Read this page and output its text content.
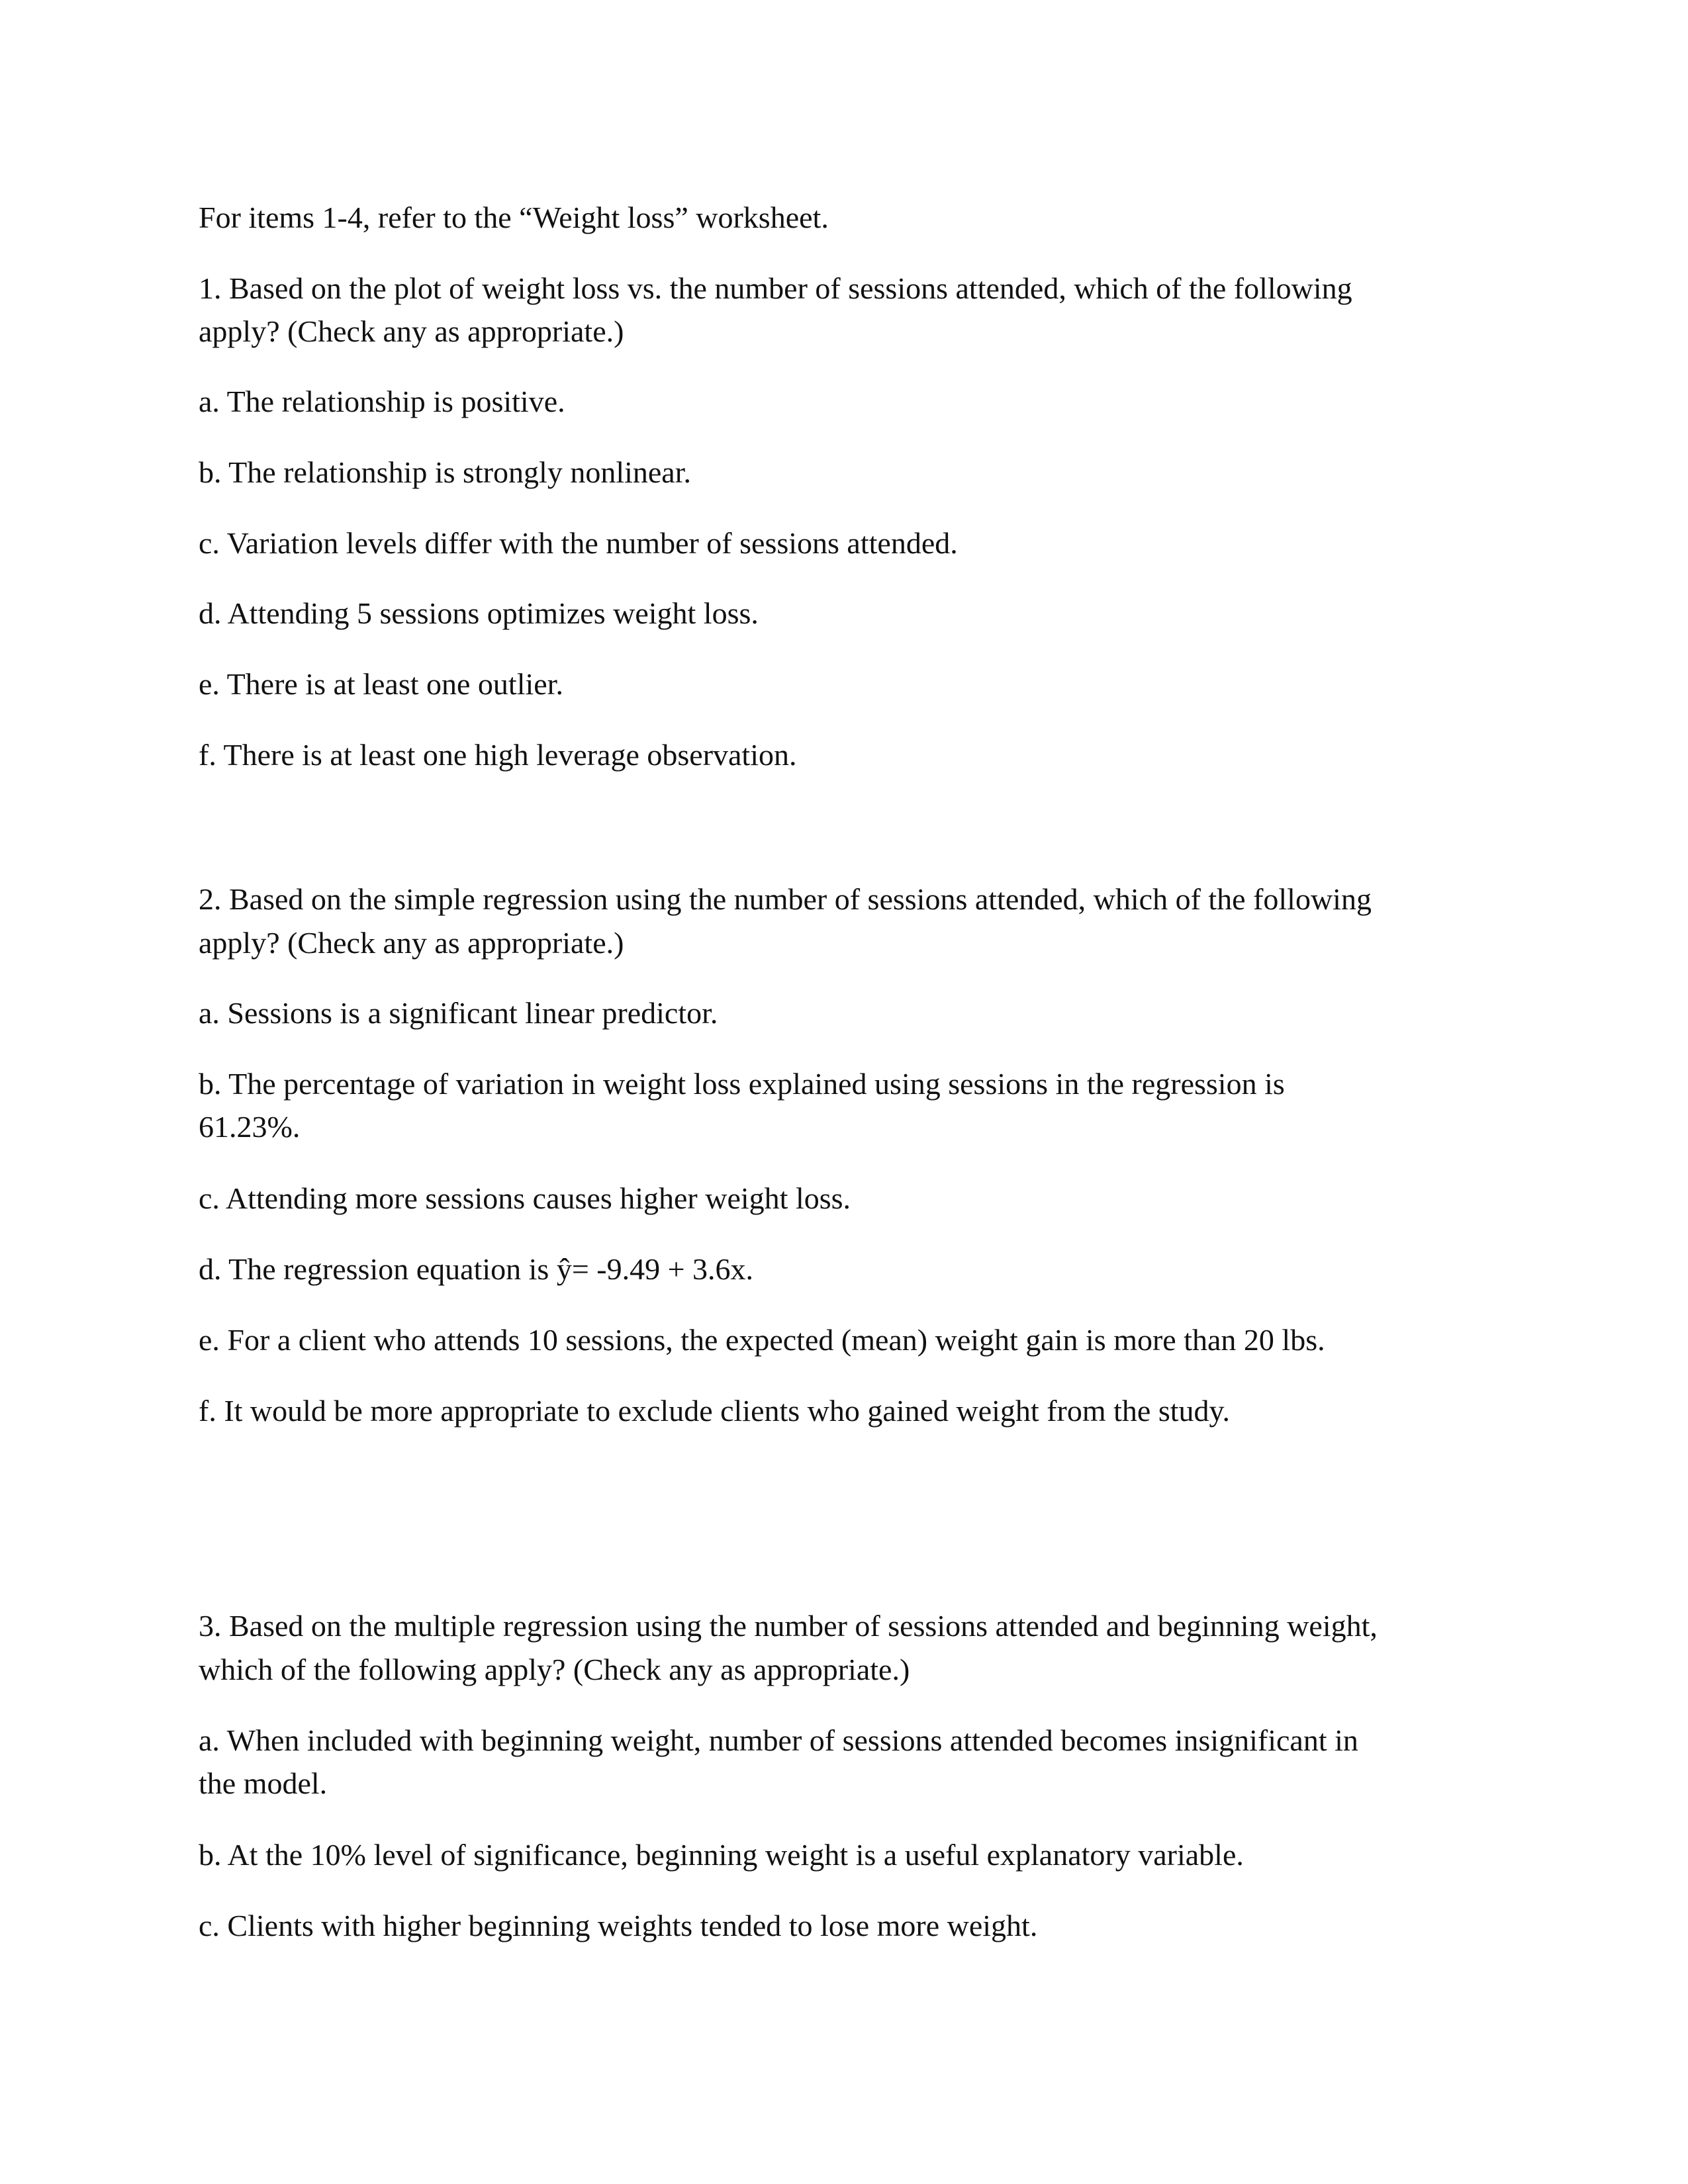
For items 1-4, refer to the “Weight loss” worksheet.

1. Based on the plot of weight loss vs. the number of sessions attended, which of the following

apply? (Check any as appropriate.)

a. The relationship is positive.

b. The relationship is strongly nonlinear.

c. Variation levels differ with the number of sessions attended.

d. Attending 5 sessions optimizes weight loss.

e. There is at least one outlier.

f. There is at least one high leverage observation.

2. Based on the simple regression using the number of sessions attended, which of the following

apply? (Check any as appropriate.)

a. Sessions is a significant linear predictor.

b. The percentage of variation in weight loss explained using sessions in the regression is

61.23%.

c. Attending more sessions causes higher weight loss.

d. The regression equation is ŷ= -9.49 + 3.6x.

e. For a client who attends 10 sessions, the expected (mean) weight gain is more than 20 lbs.

f. It would be more appropriate to exclude clients who gained weight from the study.

3. Based on the multiple regression using the number of sessions attended and beginning weight,

which of the following apply? (Check any as appropriate.)

a. When included with beginning weight, number of sessions attended becomes insignificant in

the model.

b. At the 10% level of significance, beginning weight is a useful explanatory variable.

c. Clients with higher beginning weights tended to lose more weight.
